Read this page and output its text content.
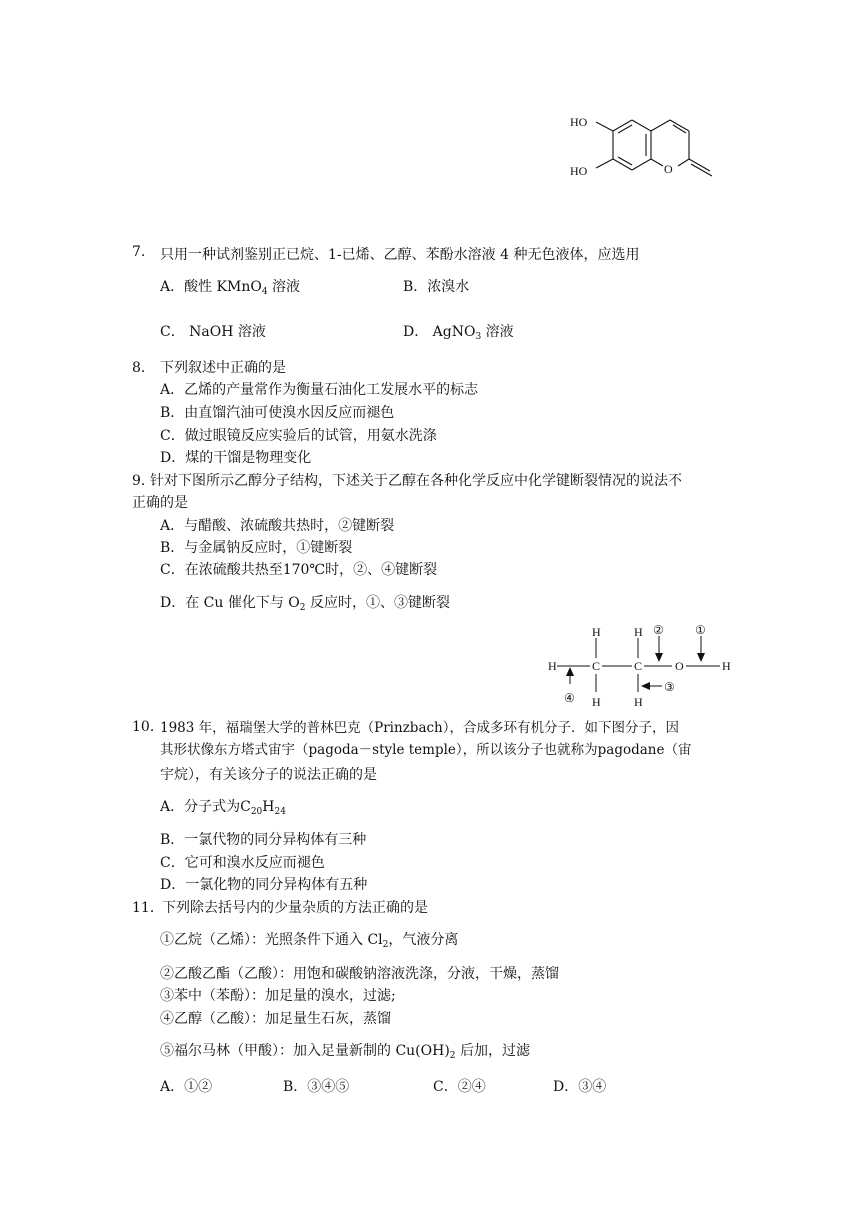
HO
HO	O
7. 只用一种试剂鉴别正已烷、1-已烯、乙醇、苯酚水溶液 4 种无色液体，应选用
A．酸性 KMnO$_4$ 溶液	B．浓溴水
C． NaOH 溶液	D． AgNO$_3$ 溶液
8． 下列叙述中正确的是
A．乙烯的产量常作为衡量石油化工发展水平的标志
B．由直馏汽油可使溴水因反应而褪色
C．做过眼镜反应实验后的试管，用氨水洗涤
D．煤的干馏是物理变化
9．
针对下图所示乙醇分子结构，下述关于乙醇在各种化学反应中化学键断裂情况的说法不
正确的是
A．与醋酸、浓硫酸共热时，②键断裂
B．与金属钠反应时，①键断裂
C．在浓硫酸共热至170℃时，②、④键断裂
D．在 Cu 催化下与 $O_2$ 反应时，①、③键断裂
H	C	C	O	H
H
H
H
H
②	①
③
④
10．
1983 年，福瑞堡大学的普林巴克（Prinzbach），合成多环有机分子．如下图分子，因
其形状像东方塔式宙宇（pagoda－style temple），所以该分子也就称为pagodane（宙
宇烷），有关该分子的说法正确的是
A．分子式为$C_{20}H_{24}$
B．一氯代物的同分异构体有三种
C．它可和溴水反应而褪色
D．一氯化物的同分异构体有五种
11．
下列除去括号内的少量杂质的方法正确的是
①乙烷（乙烯）：光照条件下通入 $Cl_2$，气液分离
②乙酸乙酯（乙酸）：用饱和碳酸钠溶液洗涤，分液，干燥，蒸馏
③苯中（苯酚）：加足量的溴水，过滤;
④乙醇（乙酸）：加足量生石灰，蒸馏
⑤福尔马林（甲酸）：加入足量新制的 $Cu(OH)_2$ 后加，过滤
A．①②	B．③④⑤	C．②④	D．③④
